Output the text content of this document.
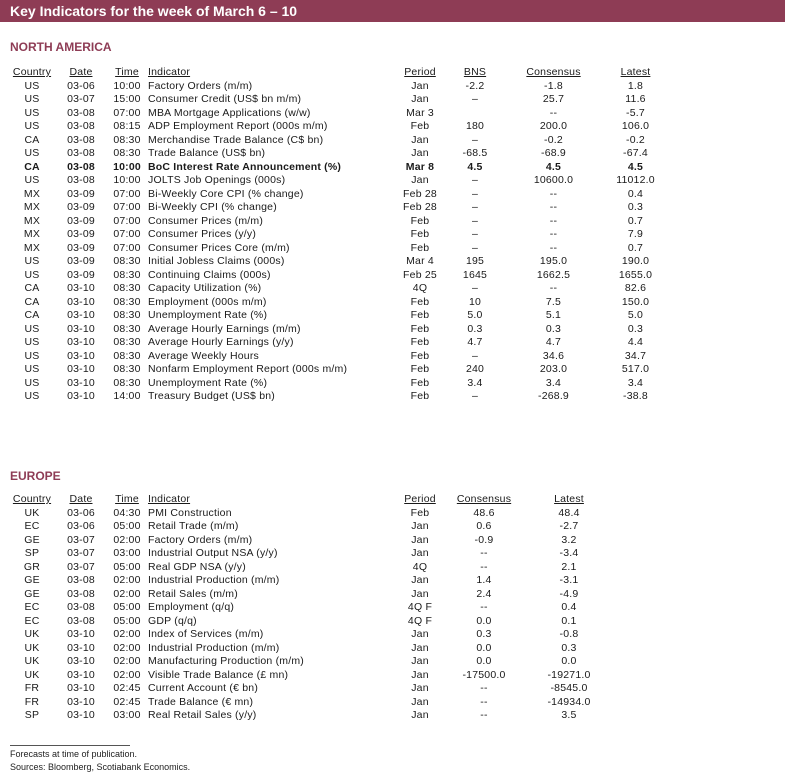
Key Indicators for the week of March 6 – 10
NORTH AMERICA
Country	Date	Time	Indicator	Period	BNS	Consensus	Latest
US	03-06	10:00	Factory Orders (m/m)	Jan	-2.2	-1.8	1.8
US	03-07	15:00	Consumer Credit (US$ bn m/m)	Jan	–	25.7	11.6
US	03-08	07:00	MBA Mortgage Applications (w/w)	Mar 3		--	-5.7
US	03-08	08:15	ADP Employment Report (000s m/m)	Feb	180	200.0	106.0
CA	03-08	08:30	Merchandise Trade Balance (C$ bn)	Jan	–	-0.2	-0.2
US	03-08	08:30	Trade Balance (US$ bn)	Jan	-68.5	-68.9	-67.4
CA	03-08	10:00	BoC Interest Rate Announcement (%)	Mar 8	4.5	4.5	4.5
US	03-08	10:00	JOLTS Job Openings (000s)	Jan	–	10600.0	11012.0
MX	03-09	07:00	Bi-Weekly Core CPI (% change)	Feb 28	–	--	0.4
MX	03-09	07:00	Bi-Weekly CPI (% change)	Feb 28	–	--	0.3
MX	03-09	07:00	Consumer Prices (m/m)	Feb	–	--	0.7
MX	03-09	07:00	Consumer Prices (y/y)	Feb	–	--	7.9
MX	03-09	07:00	Consumer Prices Core (m/m)	Feb	–	--	0.7
US	03-09	08:30	Initial Jobless Claims (000s)	Mar 4	195	195.0	190.0
US	03-09	08:30	Continuing Claims (000s)	Feb 25	1645	1662.5	1655.0
CA	03-10	08:30	Capacity Utilization (%)	4Q	–	--	82.6
CA	03-10	08:30	Employment (000s m/m)	Feb	10	7.5	150.0
CA	03-10	08:30	Unemployment Rate (%)	Feb	5.0	5.1	5.0
US	03-10	08:30	Average Hourly Earnings (m/m)	Feb	0.3	0.3	0.3
US	03-10	08:30	Average Hourly Earnings (y/y)	Feb	4.7	4.7	4.4
US	03-10	08:30	Average Weekly Hours	Feb	–	34.6	34.7
US	03-10	08:30	Nonfarm Employment Report (000s m/m)	Feb	240	203.0	517.0
US	03-10	08:30	Unemployment Rate (%)	Feb	3.4	3.4	3.4
US	03-10	14:00	Treasury Budget (US$ bn)	Feb	–	-268.9	-38.8
EUROPE
Country	Date	Time	Indicator	Period	Consensus	Latest
UK	03-06	04:30	PMI Construction	Feb	48.6	48.4
EC	03-06	05:00	Retail Trade (m/m)	Jan	0.6	-2.7
GE	03-07	02:00	Factory Orders (m/m)	Jan	-0.9	3.2
SP	03-07	03:00	Industrial Output NSA (y/y)	Jan	--	-3.4
GR	03-07	05:00	Real GDP NSA (y/y)	4Q	--	2.1
GE	03-08	02:00	Industrial Production (m/m)	Jan	1.4	-3.1
GE	03-08	02:00	Retail Sales (m/m)	Jan	2.4	-4.9
EC	03-08	05:00	Employment (q/q)	4Q F	--	0.4
EC	03-08	05:00	GDP (q/q)	4Q F	0.0	0.1
UK	03-10	02:00	Index of Services (m/m)	Jan	0.3	-0.8
UK	03-10	02:00	Industrial Production (m/m)	Jan	0.0	0.3
UK	03-10	02:00	Manufacturing Production (m/m)	Jan	0.0	0.0
UK	03-10	02:00	Visible Trade Balance (£ mn)	Jan	-17500.0	-19271.0
FR	03-10	02:45	Current Account (€ bn)	Jan	--	-8545.0
FR	03-10	02:45	Trade Balance (€ mn)	Jan	--	-14934.0
SP	03-10	03:00	Real Retail Sales (y/y)	Jan	--	3.5
Forecasts at time of publication.
Sources: Bloomberg, Scotiabank Economics.
